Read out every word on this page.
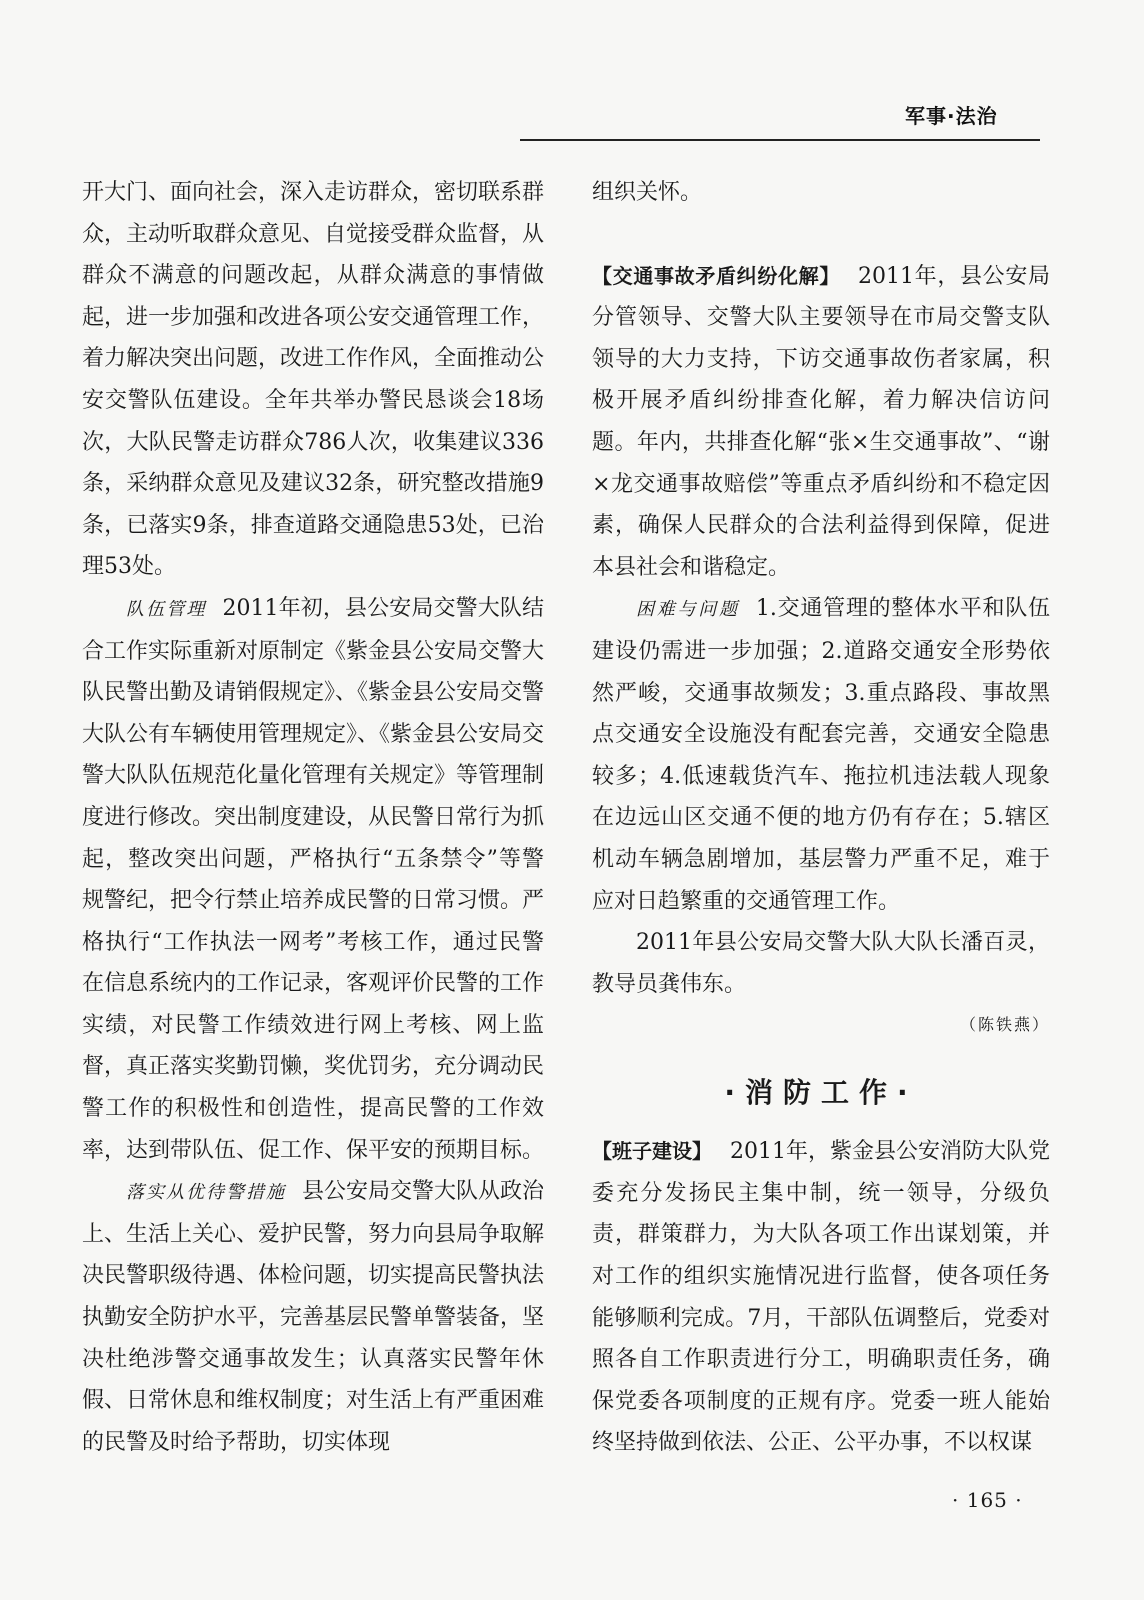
军事·法治

开大门、面向社会，深入走访群众，密切联系群众，主动听取群众意见、自觉接受群众监督，从群众不满意的问题改起，从群众满意的事情做起，进一步加强和改进各项公安交通管理工作，着力解决突出问题，改进工作作风，全面推动公安交警队伍建设。全年共举办警民恳谈会18场次，大队民警走访群众786人次，收集建议336条，采纳群众意见及建议32条，研究整改措施9条，已落实9条，排查道路交通隐患53处，已治理53处。

队伍管理 2011年初，县公安局交警大队结合工作实际重新对原制定《紫金县公安局交警大队民警出勤及请销假规定》、《紫金县公安局交警大队公有车辆使用管理规定》、《紫金县公安局交警大队队伍规范化量化管理有关规定》等管理制度进行修改。突出制度建设，从民警日常行为抓起，整改突出问题，严格执行“五条禁令”等警规警纪，把令行禁止培养成民警的日常习惯。严格执行“工作执法一网考”考核工作，通过民警在信息系统内的工作记录，客观评价民警的工作实绩，对民警工作绩效进行网上考核、网上监督，真正落实奖勤罚懒，奖优罚劣，充分调动民警工作的积极性和创造性，提高民警的工作效率，达到带队伍、促工作、保平安的预期目标。

落实从优待警措施 县公安局交警大队从政治上、生活上关心、爱护民警，努力向县局争取解决民警职级待遇、体检问题，切实提高民警执法执勤安全防护水平，完善基层民警单警装备，坚决杜绝涉警交通事故发生；认真落实民警年休假、日常休息和维权制度；对生活上有严重困难的民警及时给予帮助，切实体现

组织关怀。

【交通事故矛盾纠纷化解】 2011年，县公安局分管领导、交警大队主要领导在市局交警支队领导的大力支持，下访交通事故伤者家属，积极开展矛盾纠纷排查化解，着力解决信访问题。年内，共排查化解“张×生交通事故”、“谢×龙交通事故赔偿”等重点矛盾纠纷和不稳定因素，确保人民群众的合法利益得到保障，促进本县社会和谐稳定。

困难与问题 1.交通管理的整体水平和队伍建设仍需进一步加强；2.道路交通安全形势依然严峻，交通事故频发；3.重点路段、事故黑点交通安全设施没有配套完善，交通安全隐患较多；4.低速载货汽车、拖拉机违法载人现象在边远山区交通不便的地方仍有存在；5.辖区机动车辆急剧增加，基层警力严重不足，难于应对日趋繁重的交通管理工作。

2011年县公安局交警大队大队长潘百灵，教导员龚伟东。

（陈铁燕）
·消防工作·

【班子建设】 2011年，紫金县公安消防大队党委充分发扬民主集中制，统一领导，分级负责，群策群力，为大队各项工作出谋划策，并对工作的组织实施情况进行监督，使各项任务能够顺利完成。7月，干部队伍调整后，党委对照各自工作职责进行分工，明确职责任务，确保党委各项制度的正规有序。党委一班人能始终坚持做到依法、公正、公平办事，不以权谋

· 165 ·
